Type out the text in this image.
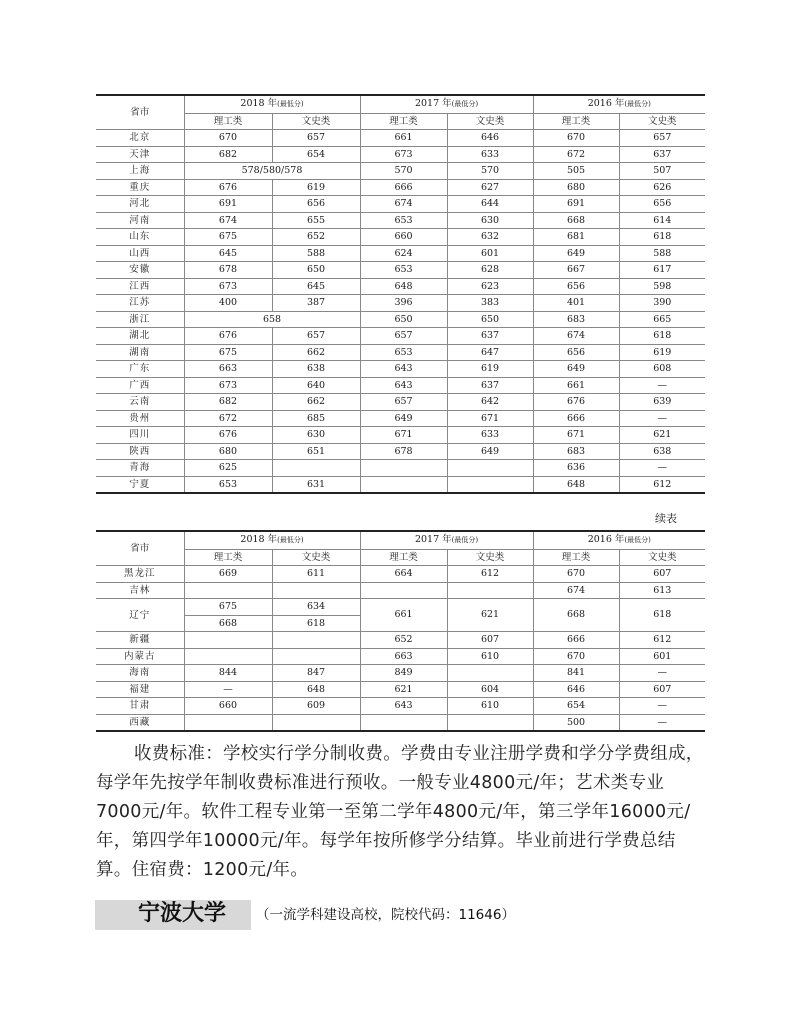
省市	2018 年(最低分)		2017 年(最低分)		2016 年(最低分)	
	理工类	文史类	理工类	文史类	理工类	文史类
北京	670	657	661	646	670	657
天津	682	654	673	633	672	637
上海	578/580/578		570	570	505	507
重庆	676	619	666	627	680	626
河北	691	656	674	644	691	656
河南	674	655	653	630	668	614
山东	675	652	660	632	681	618
山西	645	588	624	601	649	588
安徽	678	650	653	628	667	617
江西	673	645	648	623	656	598
江苏	400	387	396	383	401	390
浙江	658		650	650	683	665
湖北	676	657	657	637	674	618
湖南	675	662	653	647	656	619
广东	663	638	643	619	649	608
广西	673	640	643	637	661	—
云南	682	662	657	642	676	639
贵州	672	685	649	671	666	—
四川	676	630	671	633	671	621
陕西	680	651	678	649	683	638
青海	625				636	—
宁夏	653	631			648	612
续表
省市	2018 年(最低分)		2017 年(最低分)		2016 年(最低分)	
	理工类	文史类	理工类	文史类	理工类	文史类
黑龙江	669	611	664	612	670	607
吉林					674	613
辽宁	675	634	661	621	668	618
	668	618				
新疆			652	607	666	612
内蒙古			663	610	670	601
海南	844	847	849		841	—
福建	—	648	621	604	646	607
甘肃	660	609	643	610	654	—
西藏					500	—

收费标准：学校实行学分制收费。学费由专业注册学费和学分学费组成，每学年先按学年制收费标准进行预收。一般专业4800元/年；艺术类专业7000元/年。软件工程专业第一至第二学年4800元/年，第三学年16000元/年，第四学年10000元/年。每学年按所修学分结算。毕业前进行学费总结算。住宿费：1200元/年。

宁波大学 （一流学科建设高校，院校代码：11646）
